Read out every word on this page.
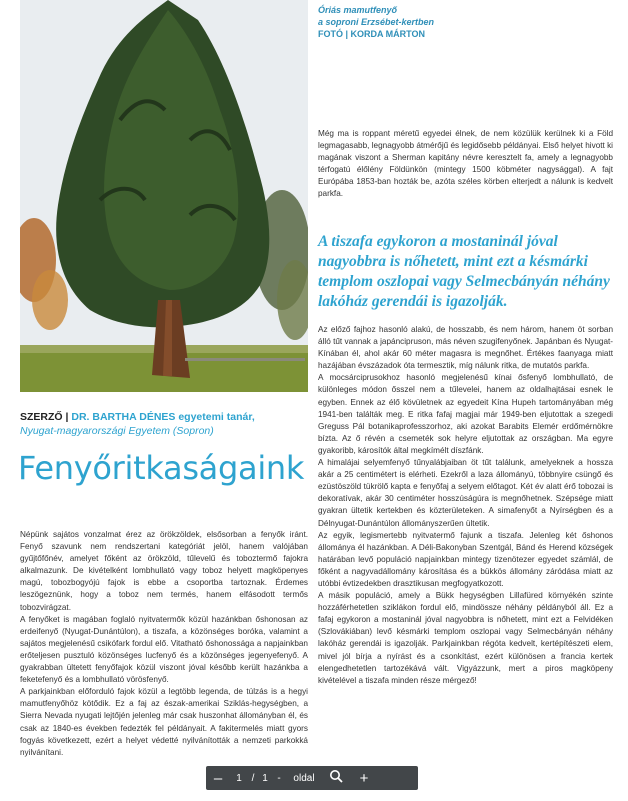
Óriás mamutfenyő
a soproni Erzsébet-kertben
FOTÓ | KORDA MÁRTON

Még ma is roppant méretű egyedei élnek, de nem közülük kerülnek ki a Föld legmagasabb, legnagyobb átmérőjű és legidősebb példányai. Első helyet hivott ki magának viszont a Sherman kapitány névre keresztelt fa, amely a legnagyobb térfogatú élőlény Földünkön (mintegy 1500 köbméter nagysággal). A fajt Európába 1853-ban hozták be, azóta széles körben elterjedt a nálunk is kedvelt parkfa.

A tiszafa egykoron a mostaninál jóval nagyobbra is nőhetett, mint ezt a késmárki templom oszlopai vagy Selmecbányán néhány lakóház gerendái is igazolják.

Az előző fajhoz hasonló alakú, de hosszabb, és nem három, hanem öt sorban álló tűt vannak a japáncipruson, más néven szugifenyőnek. Japánban és Nyugat-Kínában él, ahol akár 60 méter magasra is megnőhet. Értékes faanyaga miatt hazájában évszázadok óta termesztik, míg nálunk ritka, de mutatós parkfa.

A mocsárciprusokhoz hasonló megjelenésű kínai ősfenyő lombhullató, de különleges módon ősszel nem a tűlevelei, hanem az oldalhajtásai esnek le egyben. Ennek az élő kövületnek az egyedeit Kína Hupeh tartományában még 1941-ben találták meg. E ritka fafaj magjai már 1949-ben eljutottak a szegedi Greguss Pál botanikaprofesszorhoz, aki azokat Barabits Elemér erdőmérnökre bízta. Az ő révén a csemeték sok helyre eljutottak az országban. Ma egyre gyakoribb, károsítók által megkímélt díszfánk.

A himalájai selyemfenyő tűnyalábjaiban öt tűt találunk, amelyeknek a hossza akár a 25 centimétert is elérheti. Ezekről a laza állományú, többnyire csüngő és ezüstöszöld tükrölő kapta e fenyőfaj a selyem előtagot. Két év alatt érő tobozai is dekoratívak, akár 30 centiméter hosszúságúra is megnőhetnek. Szépsége miatt gyakran ültetik kertekben és közterületeken. A simafenyőt a Nyírségben és a Délnyugat-Dunántúlon állományszerűen ültetik.

Az egyik, legismertebb nyitvatermő fajunk a tiszafa. Jelenleg két őshonos állománya él hazánkban. A Déli-Bakonyban Szentgál, Bánd és Herend községek határában levő populáció napjainkban mintegy tizenötezer egyedet számlál, de főként a nagyvadállomány károsítása és a bükkös állomány záródása miatt az utóbbi évtizedekben drasztikusan megfogyatkozott.

A másik populáció, amely a Bükk hegységben Lillafüred környékén szinte hozzáférhetetlen sziklákon fordul elő, mindössze néhány példányból áll. Ez a fafaj egykoron a mostaninál jóval nagyobbra is nőhetett, mint ezt a Felvidéken (Szlovákiában) levő késmárki templom oszlopai vagy Selmecbányán néhány lakóház gerendái is igazolják. Parkjainkban régóta kedvelt, kertépítészeti elem, mivel jól bírja a nyírást és a csonkítást, ezért különösen a francia kertek elengedhetetlen tartozékává vált. Vigyázzunk, mert a piros magköpeny kivételével a tiszafa minden része mérgező!

SZERZŐ | DR. BARTHA DÉNES egyetemi tanár,
Nyugat-magyarországi Egyetem (Sopron)
Fenyőritkaságaink

Népünk sajátos vonzalmat érez az örökzöldek, elsősorban a fenyők iránt. Fenyő szavunk nem rendszertani kategóriát jelöl, hanem valójában gyűjtőfőnév, amelyet főként az örökzöld, tűlevelű és toboztermő fajokra alkalmazunk. De kivételként lombhullató vagy toboz helyett magköpenyes magú, tobozbogyójú fajok is ebbe a csoportba tartoznak. Érdemes leszögeznünk, hogy a toboz nem termés, hanem elfásodott termős tobozvirágzat.

A fenyőket is magában foglaló nyitvatermők közül hazánkban őshonosan az erdeifenyő (Nyugat-Dunántúlon), a tiszafa, a közönséges boróka, valamint a sajátos megjelenésű csikófark fordul elő. Vitatható őshonossága a napjainkban erőteljesen pusztuló közönséges lucfenyő és a közönséges jegenyefenyő. A gyakrabban ültetett fenyőfajok közül viszont jóval később került hazánkba a feketefenyő és a lombhullató vörösfenyő.

A parkjainkban előforduló fajok közül a legtöbb legenda, de túlzás is a hegyi mamutfenyőhöz kötődik. Ez a faj az észak-amerikai Sziklás-hegységben, a Sierra Nevada nyugati lejtőjén jelenleg már csak huszonhat állományban él, és csak az 1840-es években fedezték fel példányait. A fakitermelés miatt gyors fogyás következett, ezért a helyet védetté nyilvánították a nemzeti parkokká nyilvánítani.

–	1 / 1 -	oldal	+
